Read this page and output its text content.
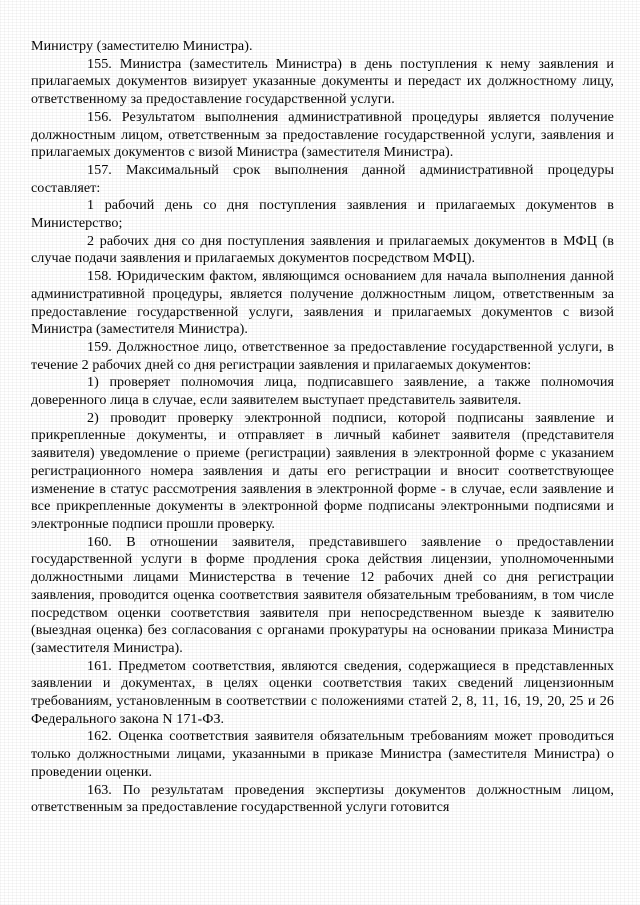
Министру (заместителю Министра).

155. Министра (заместитель Министра) в день поступления к нему заявления и прилагаемых документов визирует указанные документы и передаст их должностному лицу, ответственному за предоставление государственной услуги.

156. Результатом выполнения административной процедуры является получение должностным лицом, ответственным за предоставление государственной услуги, заявления и прилагаемых документов с визой Министра (заместителя Министра).

157. Максимальный срок выполнения данной административной процедуры составляет:

1 рабочий день со дня поступления заявления и прилагаемых документов в Министерство;

2 рабочих дня со дня поступления заявления и прилагаемых документов в МФЦ (в случае подачи заявления и прилагаемых документов посредством МФЦ).

158. Юридическим фактом, являющимся основанием для начала выполнения данной административной процедуры, является получение должностным лицом, ответственным за предоставление государственной услуги, заявления и прилагаемых документов с визой Министра (заместителя Министра).

159. Должностное лицо, ответственное за предоставление государственной услуги, в течение 2 рабочих дней со дня регистрации заявления и прилагаемых документов:

1) проверяет полномочия лица, подписавшего заявление, а также полномочия доверенного лица в случае, если заявителем выступает представитель заявителя.

2) проводит проверку электронной подписи, которой подписаны заявление и прикрепленные документы, и отправляет в личный кабинет заявителя (представителя заявителя) уведомление о приеме (регистрации) заявления в электронной форме с указанием регистрационного номера заявления и даты его регистрации и вносит соответствующее изменение в статус рассмотрения заявления в электронной форме - в случае, если заявление и все прикрепленные документы в электронной форме подписаны электронными подписями и электронные подписи прошли проверку.

160. В отношении заявителя, представившего заявление о предоставлении государственной услуги в форме продления срока действия лицензии, уполномоченными должностными лицами Министерства в течение 12 рабочих дней со дня регистрации заявления, проводится оценка соответствия заявителя обязательным требованиям, в том числе посредством оценки соответствия заявителя при непосредственном выезде к заявителю (выездная оценка) без согласования с органами прокуратуры на основании приказа Министра (заместителя Министра).

161. Предметом соответствия, являются сведения, содержащиеся в представленных заявлении и документах, в целях оценки соответствия таких сведений лицензионным требованиям, установленным в соответствии с положениями статей 2, 8, 11, 16, 19, 20, 25 и 26 Федерального закона N 171-ФЗ.

162. Оценка соответствия заявителя обязательным требованиям может проводиться только должностными лицами, указанными в приказе Министра (заместителя Министра) о проведении оценки.

163. По результатам проведения экспертизы документов должностным лицом, ответственным за предоставление государственной услуги готовится
